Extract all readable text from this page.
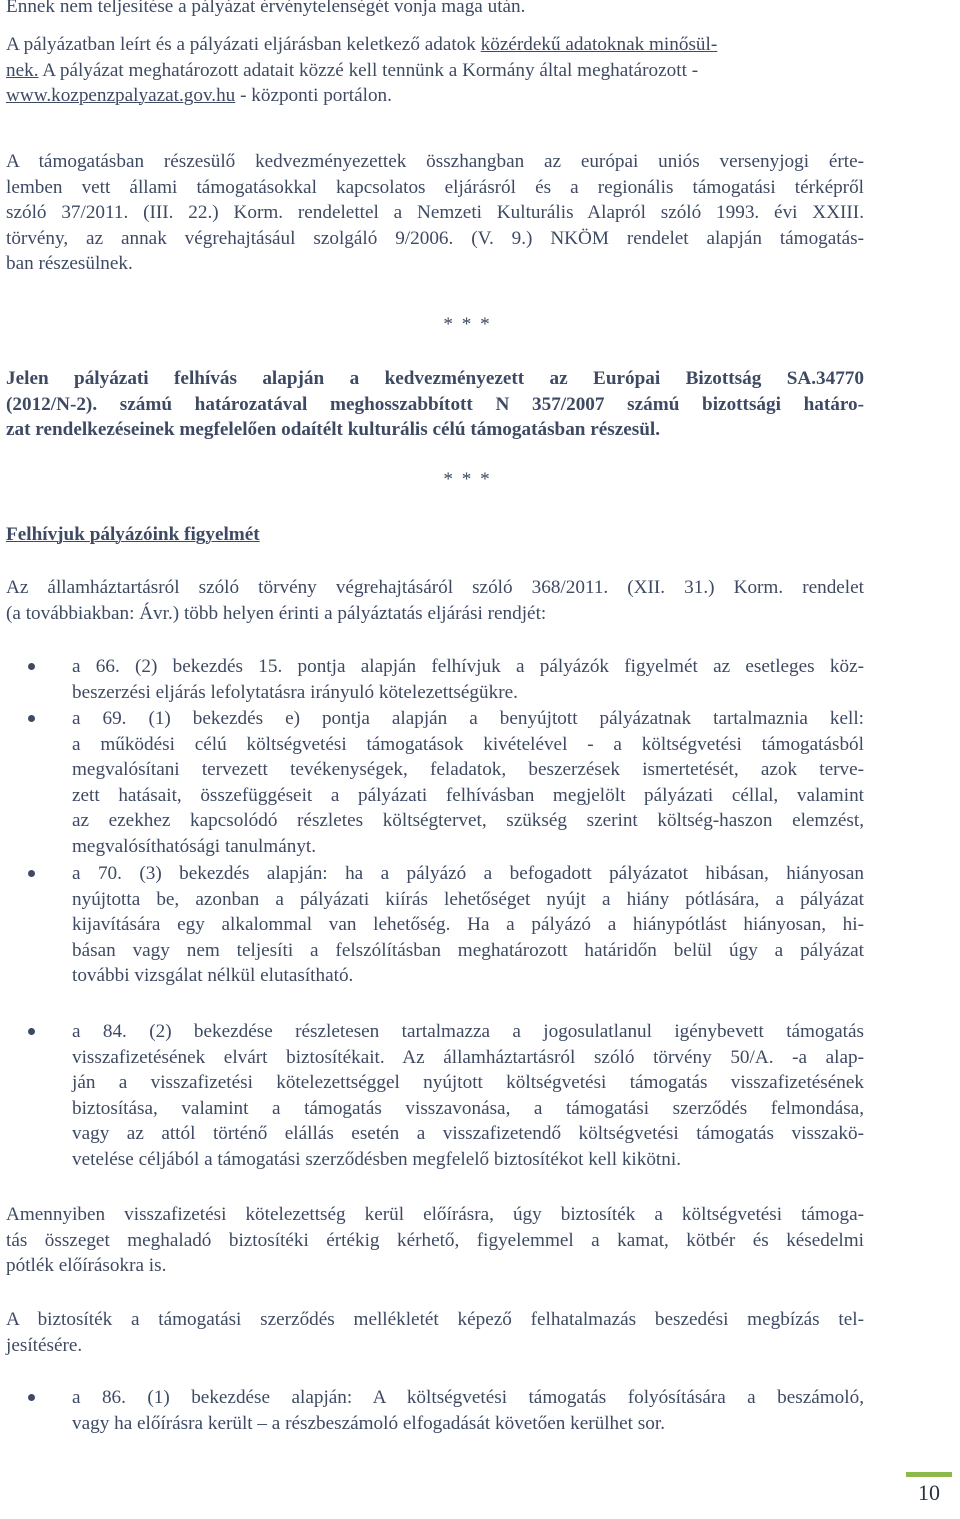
Ennek nem teljesítése a pályázat érvénytelenségét vonja maga után.

A pályázatban leírt és a pályázati eljárásban keletkező adatok közérdekű adatoknak minősül-
nek. A pályázat meghatározott adatait közzé kell tennünk a Kormány által meghatározott -
www.kozpenzpalyazat.gov.hu - központi portálon.

A támogatásban részesülő kedvezményezettek összhangban az európai uniós versenyjogi érte-
lemben vett állami támogatásokkal kapcsolatos eljárásról és a regionális támogatási térképről
szóló 37/2011. (III. 22.) Korm. rendelettel a Nemzeti Kulturális Alapról szóló 1993. évi XXIII.
törvény, az annak végrehajtásául szolgáló 9/2006. (V. 9.) NKÖM rendelet alapján támogatás-
ban részesülnek.

* * *

Jelen pályázati felhívás alapján a kedvezményezett az Európai Bizottság SA.34770
(2012/N-2). számú határozatával meghosszabbított N 357/2007 számú bizottsági határo-
zat rendelkezéseinek megfelelően odaítélt kulturális célú támogatásban részesül.

* * *

Felhívjuk pályázóink figyelmét

Az államháztartásról szóló törvény végrehajtásáról szóló 368/2011. (XII. 31.) Korm. rendelet
(a továbbiakban: Ávr.) több helyen érinti a pályáztatás eljárási rendjét:
a 66. (2) bekezdés 15. pontja alapján felhívjuk a pályázók figyelmét az esetleges köz-
beszerzési eljárás lefolytatásra irányuló kötelezettségükre.
a 69. (1) bekezdés e) pontja alapján a benyújtott pályázatnak tartalmaznia kell:
a működési célú költségvetési támogatások kivételével - a költségvetési támogatásból
megvalósítani tervezett tevékenységek, feladatok, beszerzések ismertetését, azok terve-
zett hatásait, összefüggéseit a pályázati felhívásban megjelölt pályázati céllal, valamint
az ezekhez kapcsolódó részletes költségtervet, szükség szerint költség-haszon elemzést,
megvalósíthatósági tanulmányt.
a 70. (3) bekezdés alapján: ha a pályázó a befogadott pályázatot hibásan, hiányosan
nyújtotta be, azonban a pályázati kiírás lehetőséget nyújt a hiány pótlására, a pályázat
kijavítására egy alkalommal van lehetőség. Ha a pályázó a hiánypótlást hiányosan, hi-
básan vagy nem teljesíti a felszólításban meghatározott határidőn belül úgy a pályázat
további vizsgálat nélkül elutasítható.
a 84. (2) bekezdése részletesen tartalmazza a jogosulatlanul igénybevett támogatás
visszafizetésének elvárt biztosítékait. Az államháztartásról szóló törvény 50/A. -a alap-
ján a visszafizetési kötelezettséggel nyújtott költségvetési támogatás visszafizetésének
biztosítása, valamint a támogatás visszavonása, a támogatási szerződés felmondása,
vagy az attól történő elállás esetén a visszafizetendő költségvetési támogatás visszakö-
vetelése céljából a támogatási szerződésben megfelelő biztosítékot kell kikötni.
Amennyiben visszafizetési kötelezettség kerül előírásra, úgy biztosíték a költségvetési támoga-
tás összeget meghaladó biztosítéki értékig kérhető, figyelemmel a kamat, kötbér és késedelmi
pótlék előírásokra is.
A biztosíték a támogatási szerződés mellékletét képező felhatalmazás beszedési megbízás tel-
jesítésére.
a 86. (1) bekezdése alapján: A költségvetési támogatás folyósítására a beszámoló,
vagy ha előírásra került – a részbeszámoló elfogadását követően kerülhet sor.
10
